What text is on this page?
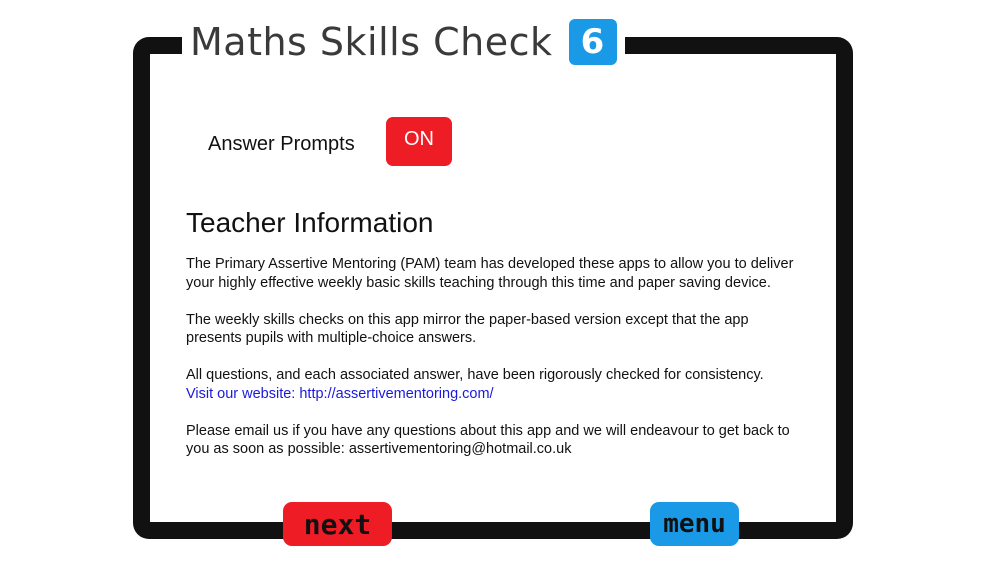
Maths Skills Check 6
Answer Prompts	ON
Teacher Information

The Primary Assertive Mentoring (PAM) team has developed these apps to allow you to deliver your highly effective weekly basic skills teaching through this time and paper saving device.

The weekly skills checks on this app mirror the paper-based version except that the app presents pupils with multiple-choice answers.

All questions, and each associated answer, have been rigorously checked for consistency.
Visit our website: http://assertivementoring.com/

Please email us if you have any questions about this app and we will endeavour to get back to you as soon as possible: assertivementoring@hotmail.co.uk

next	menu
